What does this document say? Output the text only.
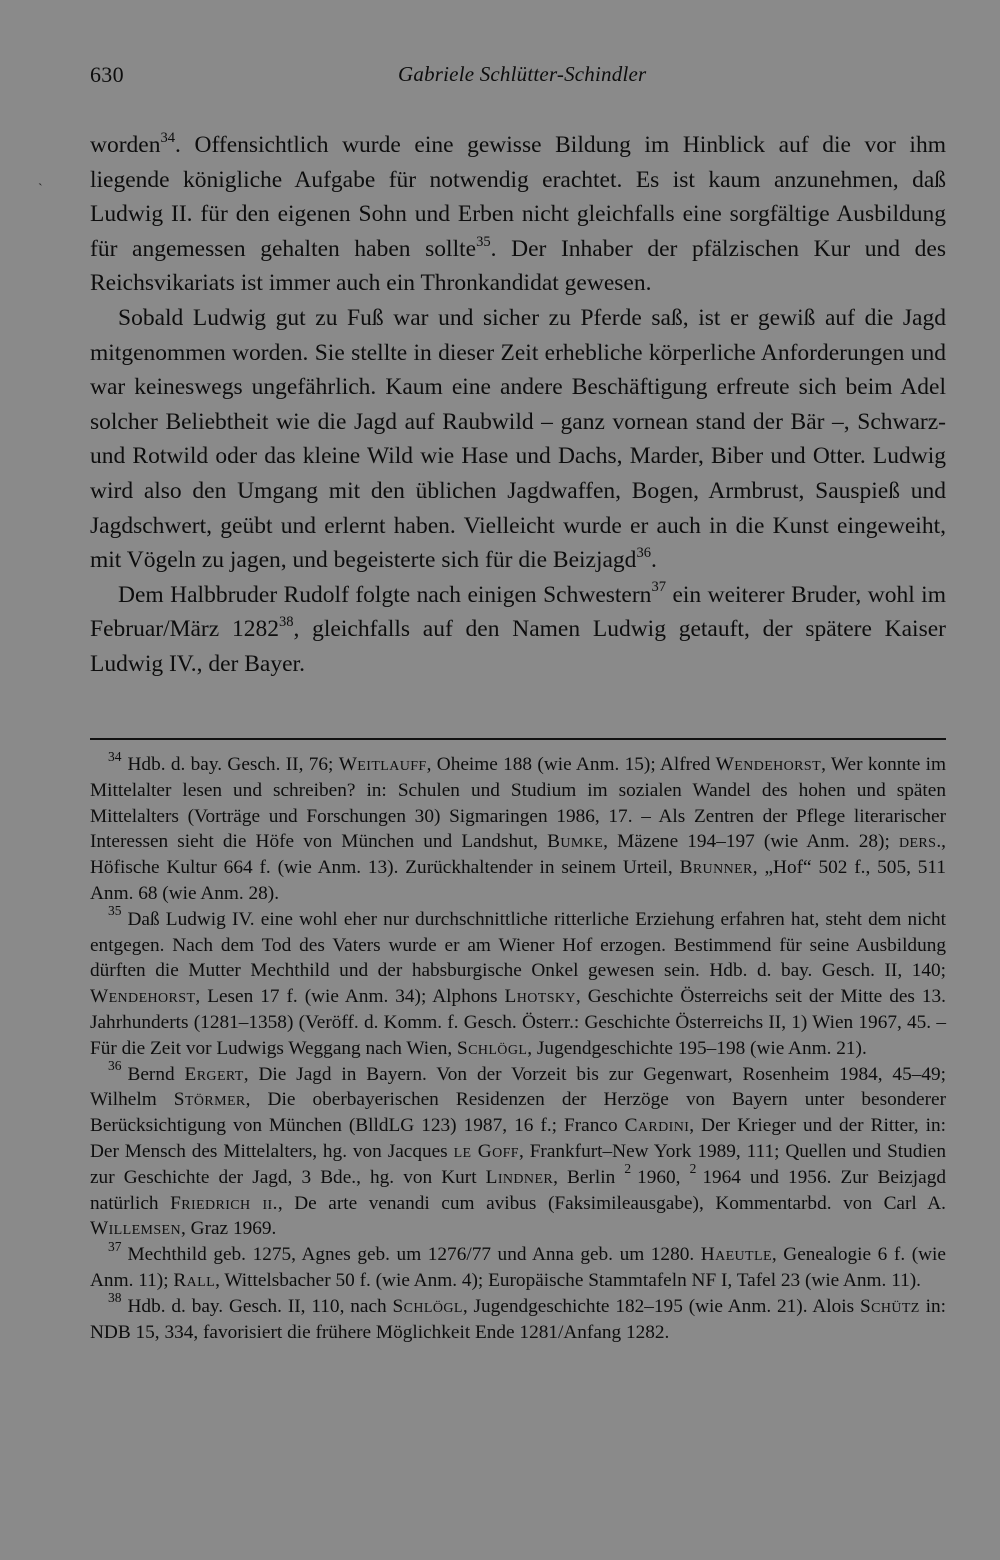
630	Gabriele Schlütter-Schindler
`

worden$^{34}$. Offensichtlich wurde eine gewisse Bildung im Hinblick auf die vor ihm liegende königliche Aufgabe für notwendig erachtet. Es ist kaum anzunehmen, daß Ludwig II. für den eigenen Sohn und Erben nicht gleichfalls eine sorgfältige Ausbildung für angemessen gehalten haben sollte$^{35}$. Der Inhaber der pfälzischen Kur und des Reichsvikariats ist immer auch ein Thronkandidat gewesen.

Sobald Ludwig gut zu Fuß war und sicher zu Pferde saß, ist er gewiß auf die Jagd mitgenommen worden. Sie stellte in dieser Zeit erhebliche körperliche Anforderungen und war keineswegs ungefährlich. Kaum eine andere Beschäftigung erfreute sich beim Adel solcher Beliebtheit wie die Jagd auf Raubwild – ganz vornean stand der Bär –, Schwarz- und Rotwild oder das kleine Wild wie Hase und Dachs, Marder, Biber und Otter. Ludwig wird also den Umgang mit den üblichen Jagdwaffen, Bogen, Armbrust, Sauspieß und Jagdschwert, geübt und erlernt haben. Vielleicht wurde er auch in die Kunst eingeweiht, mit Vögeln zu jagen, und begeisterte sich für die Beizjagd$^{36}$.

Dem Halbbruder Rudolf folgte nach einigen Schwestern$^{37}$ ein weiterer Bruder, wohl im Februar/März 1282$^{38}$, gleichfalls auf den Namen Ludwig getauft, der spätere Kaiser Ludwig IV., der Bayer.

$^{34}$ Hdb. d. bay. Gesch. II, 76; Weitlauff, Oheime 188 (wie Anm. 15); Alfred Wendehorst, Wer konnte im Mittelalter lesen und schreiben? in: Schulen und Studium im sozialen Wandel des hohen und späten Mittelalters (Vorträge und Forschungen 30) Sigmaringen 1986, 17. – Als Zentren der Pflege literarischer Interessen sieht die Höfe von München und Landshut, Bumke, Mäzene 194–197 (wie Anm. 28); ders., Höfische Kultur 664 f. (wie Anm. 13). Zurückhaltender in seinem Urteil, Brunner, „Hof“ 502 f., 505, 511 Anm. 68 (wie Anm. 28).

$^{35}$ Daß Ludwig IV. eine wohl eher nur durchschnittliche ritterliche Erziehung erfahren hat, steht dem nicht entgegen. Nach dem Tod des Vaters wurde er am Wiener Hof erzogen. Bestimmend für seine Ausbildung dürften die Mutter Mechthild und der habsburgische Onkel gewesen sein. Hdb. d. bay. Gesch. II, 140; Wendehorst, Lesen 17 f. (wie Anm. 34); Alphons Lhotsky, Geschichte Österreichs seit der Mitte des 13. Jahrhunderts (1281–1358) (Veröff. d. Komm. f. Gesch. Österr.: Geschichte Österreichs II, 1) Wien 1967, 45. – Für die Zeit vor Ludwigs Weggang nach Wien, Schlögl, Jugendgeschichte 195–198 (wie Anm. 21).

$^{36}$ Bernd Ergert, Die Jagd in Bayern. Von der Vorzeit bis zur Gegenwart, Rosenheim 1984, 45–49; Wilhelm Störmer, Die oberbayerischen Residenzen der Herzöge von Bayern unter besonderer Berücksichtigung von München (BlldLG 123) 1987, 16 f.; Franco Cardini, Der Krieger und der Ritter, in: Der Mensch des Mittelalters, hg. von Jacques le Goff, Frankfurt–New York 1989, 111; Quellen und Studien zur Geschichte der Jagd, 3 Bde., hg. von Kurt Lindner, Berlin $^2$ 1960, $^2$ 1964 und 1956. Zur Beizjagd natürlich Friedrich ii., De arte venandi cum avibus (Faksimileausgabe), Kommentarbd. von Carl A. Willemsen, Graz 1969.

$^{37}$ Mechthild geb. 1275, Agnes geb. um 1276/77 und Anna geb. um 1280. Haeutle, Genealogie 6 f. (wie Anm. 11); Rall, Wittelsbacher 50 f. (wie Anm. 4); Europäische Stammtafeln NF I, Tafel 23 (wie Anm. 11).

$^{38}$ Hdb. d. bay. Gesch. II, 110, nach Schlögl, Jugendgeschichte 182–195 (wie Anm. 21). Alois Schütz in: NDB 15, 334, favorisiert die frühere Möglichkeit Ende 1281/Anfang 1282.
